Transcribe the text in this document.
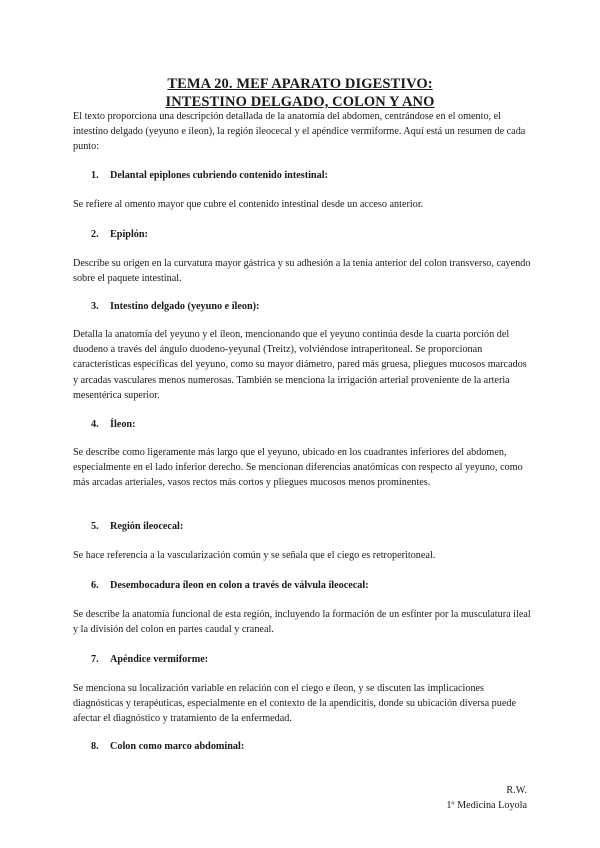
TEMA 20. MEF APARATO DIGESTIVO:
INTESTINO DELGADO, COLON Y ANO

El texto proporciona una descripción detallada de la anatomía del abdomen, centrándose en el omento, el intestino delgado (yeyuno e íleon), la región ileocecal y el apéndice vermiforme. Aquí está un resumen de cada punto:

1. Delantal epiplones cubriendo contenido intestinal:

Se refiere al omento mayor que cubre el contenido intestinal desde un acceso anterior.

2. Epiplón:

Describe su origen en la curvatura mayor gástrica y su adhesión a la tenia anterior del colon transverso, cayendo sobre el paquete intestinal.

3. Intestino delgado (yeyuno e íleon):

Detalla la anatomía del yeyuno y el íleon, mencionando que el yeyuno continúa desde la cuarta porción del duodeno a través del ángulo duodeno-yeyunal (Treitz), volviéndose intraperitoneal. Se proporcionan características específicas del yeyuno, como su mayor diámetro, pared más gruesa, pliegues mucosos marcados y arcadas vasculares menos numerosas. También se menciona la irrigación arterial proveniente de la arteria mesentérica superior.

4. Íleon:

Se describe como ligeramente más largo que el yeyuno, ubicado en los cuadrantes inferiores del abdomen, especialmente en el lado inferior derecho. Se mencionan diferencias anatómicas con respecto al yeyuno, como más arcadas arteriales, vasos rectos más cortos y pliegues mucosos menos prominentes.

5. Región ileocecal:

Se hace referencia a la vascularización común y se señala que el ciego es retroperitoneal.

6. Desembocadura íleon en colon a través de válvula ileocecal:

Se describe la anatomía funcional de esta región, incluyendo la formación de un esfínter por la musculatura ileal y la división del colon en partes caudal y craneal.

7. Apéndice vermiforme:

Se menciona su localización variable en relación con el ciego e íleon, y se discuten las implicaciones diagnósticas y terapéuticas, especialmente en el contexto de la apendicitis, donde su ubicación diversa puede afectar el diagnóstico y tratamiento de la enfermedad.

8. Colon como marco abdominal:
R.W.
1º Medicina Loyola
